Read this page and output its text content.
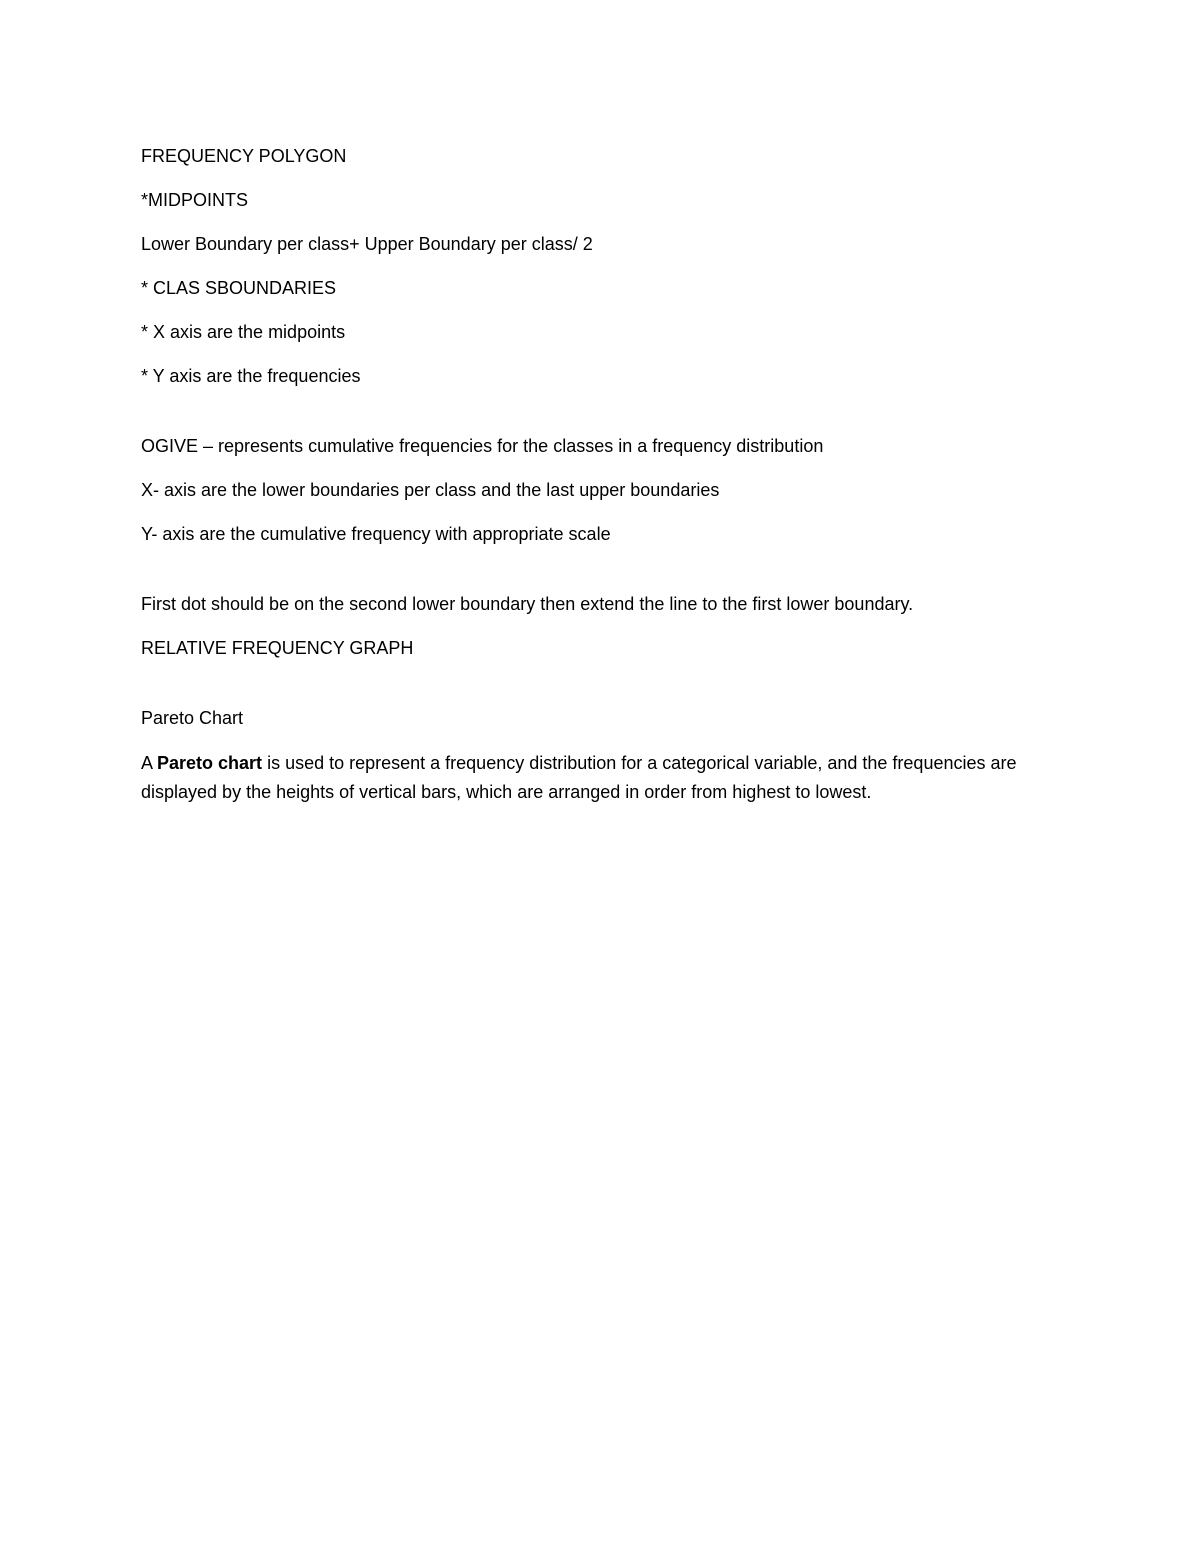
FREQUENCY POLYGON

*MIDPOINTS

Lower Boundary per class+ Upper Boundary per class/ 2

* CLAS SBOUNDARIES

* X axis are the midpoints

* Y axis are the frequencies

OGIVE – represents cumulative frequencies for the classes in a frequency distribution

X- axis are the lower boundaries per class and the last upper boundaries

Y- axis are the cumulative frequency with appropriate scale

First dot should be on the second lower boundary then extend the line to the first lower boundary.

RELATIVE FREQUENCY GRAPH

Pareto Chart

A Pareto chart is used to represent a frequency distribution for a categorical variable, and the frequencies are displayed by the heights of vertical bars, which are arranged in order from highest to lowest.
